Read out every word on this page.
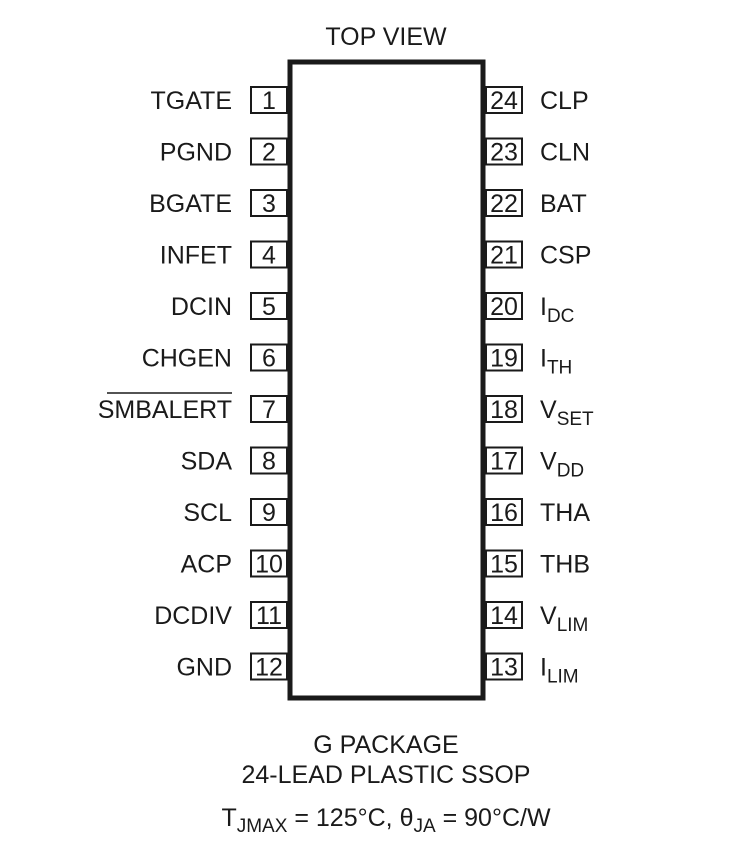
TOP VIEW
1
TGATE
2
PGND
3
BGATE
4
INFET
5
DCIN
6
CHGEN
7
SMBALERT
8
SDA
9
SCL
10
ACP
11
DCDIV
12
GND
24 CLP
23 CLN
22 BAT
21 CSP
20 $I_{DC}$
19 $I_{TH}$
18 $V_{SET}$
17 $V_{DD}$
16 THA
15 THB
14 $V_{LIM}$
13 $I_{LIM}$
G PACKAGE
24-LEAD PLASTIC SSOP
$T_{JMAX} = 125^\circ C$, $\theta_{JA} = 90^\circ C/W$
